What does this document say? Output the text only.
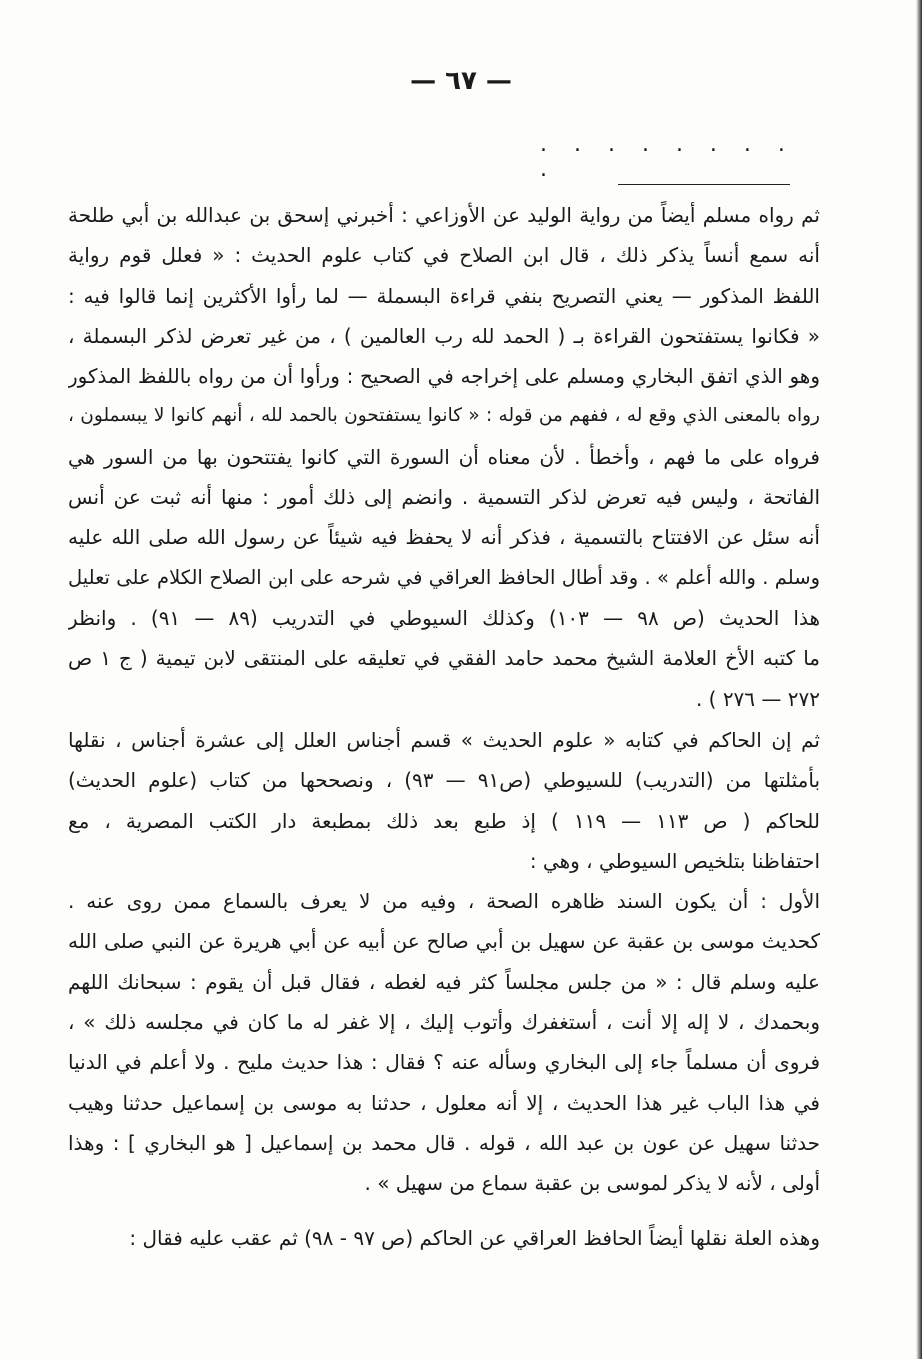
— ٦٧ —
. . . . . . . . .
ثم رواه مسلم أيضاً من رواية الوليد عن الأوزاعي : أخبرني إسحق بن عبدالله بن أبي طلحة
أنه سمع أنساً يذكر ذلك ، قال ابن الصلاح في كتاب علوم الحديث : « فعلل قوم رواية
اللفظ المذكور — يعني التصريح بنفي قراءة البسملة — لما رأوا الأكثرين إنما قالوا فيه :
« فكانوا يستفتحون القراءة بـ ( الحمد لله رب العالمين ) ، من غير تعرض لذكر البسملة ،
وهو الذي اتفق البخاري ومسلم على إخراجه في الصحيح : ورأوا أن من رواه باللفظ المذكور
رواه بالمعنى الذي وقع له ، ففهم من قوله : « كانوا يستفتحون بالحمد لله ، أنهم كانوا لا يبسملون ،
فرواه على ما فهم ، وأخطأ . لأن معناه أن السورة التي كانوا يفتتحون بها من السور هي
الفاتحة ، وليس فيه تعرض لذكر التسمية . وانضم إلى ذلك أمور : منها أنه ثبت عن أنس
أنه سئل عن الافتتاح بالتسمية ، فذكر أنه لا يحفظ فيه شيئاً عن رسول الله صلى الله عليه
وسلم . والله أعلم » . وقد أطال الحافظ العراقي في شرحه على ابن الصلاح الكلام على تعليل
هذا الحديث (ص ٩٨ — ١٠٣) وكذلك السيوطي في التدريب (٨٩ — ٩١) . وانظر
ما كتبه الأخ العلامة الشيخ محمد حامد الفقي في تعليقه على المنتقى لابن تيمية ( ج ١ ص
٢٧٢ — ٢٧٦ ) .
ثم إن الحاكم في كتابه « علوم الحديث » قسم أجناس العلل إلى عشرة أجناس ، نقلها
بأمثلتها من (التدريب) للسيوطي (ص٩١ — ٩٣) ، ونصححها من كتاب (علوم الحديث)
للحاكم ( ص ١١٣ — ١١٩ ) إذ طبع بعد ذلك بمطبعة دار الكتب المصرية ، مع
احتفاظنا بتلخيص السيوطي ، وهي :
الأول : أن يكون السند ظاهره الصحة ، وفيه من لا يعرف بالسماع ممن روى عنه .
كحديث موسى بن عقبة عن سهيل بن أبي صالح عن أبيه عن أبي هريرة عن النبي صلى الله
عليه وسلم قال : « من جلس مجلساً كثر فيه لغطه ، فقال قبل أن يقوم : سبحانك اللهم
وبحمدك ، لا إله إلا أنت ، أستغفرك وأتوب إليك ، إلا غفر له ما كان في مجلسه ذلك » ،
فروى أن مسلماً جاء إلى البخاري وسأله عنه ؟ فقال : هذا حديث مليح . ولا أعلم في الدنيا
في هذا الباب غير هذا الحديث ، إلا أنه معلول ، حدثنا به موسى بن إسماعيل حدثنا وهيب
حدثنا سهيل عن عون بن عبد الله ، قوله . قال محمد بن إسماعيل [ هو البخاري ] : وهذا
أولى ، لأنه لا يذكر لموسى بن عقبة سماع من سهيل » .
وهذه العلة نقلها أيضاً الحافظ العراقي عن الحاكم (ص ٩٧ - ٩٨) ثم عقب عليه فقال :
